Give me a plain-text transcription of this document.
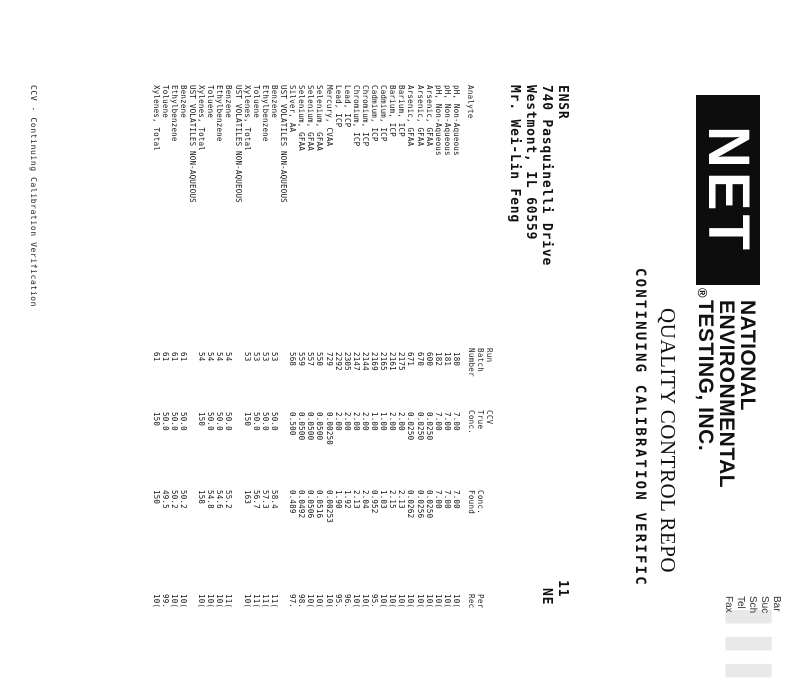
NET
®
NATIONAL
ENVIRONMENTAL
TESTING, INC.
▌▌▌
Bar
Suc
Sch
Tel
Fax
QUALITY CONTROL REPO
CONTINUING CALIBRATION VERIFIC
ENSR
740 Pasquinelli Drive
Westmont, IL 60559
Mr. Wei-Lin Feng
11
NE
Analyte
Run
Batch
Number
CCV
True
Conc.
Conc.
Found
Per
Rec
pH, Non-Aqueous
180
7.00
7.00
10(
pH, Non-Aqueous
181
7.00
7.00
10(
pH, Non-Aqueous
182
7.00
7.00
10(
Arsenic, GFAA
600
0.0250
0.0250
10(
Arsenic, GFAA
670
0.0250
0.0256
10(
Arsenic, GFAA
671
0.0250
0.0262
10(
Barium, ICP
2175
2.00
2.13
10(
Barium, ICP
2161
2.00
2.15
10(
Cadmium, ICP
2165
1.00
1.03
10(
Cadmium, ICP
2169
1.00
0.952
95.
Chromium, ICP
2144
2.00
2.04
10(
Chromium, ICP
2147
2.00
2.13
10(
Lead, ICP
2305
2.00
1.92
96.
Lead, ICP
2292
2.00
1.90
95.
Mercury, CVAA
729
0.00250
0.00253
10(
Selenium, GFAA
550
0.0500
0.0516
10(
Selenium, GFAA
557
0.0500
0.0506
10(
Selenium, GFAA
559
0.0500
0.0492
98.
Silver, AA
568
0.500
0.489
97.
UST VOLATILES NON-AQUEOUS
Benzene
53
50.0
58.4
11(
Ethylbenzene
53
50.0
57.3
11(
Toluene
53
50.0
56.7
11(
Xylenes, Total
53
150
163
10(
UST VOLATILES NON-AQUEOUS
Benzene
54
50.0
55.2
11(
Ethylbenzene
54
50.0
54.6
10(
Toluene
54
50.0
54.8
10(
Xylenes, Total
54
150
158
10(
UST VOLATILES NON-AQUEOUS
Benzene
61
50.0
50.2
10(
Ethylbenzene
61
50.0
50.2
10(
Toluene
61
50.0
49.5
99.
Xylenes, Total
61
150
150
10(
CCV - Continuing Calibration Verification
